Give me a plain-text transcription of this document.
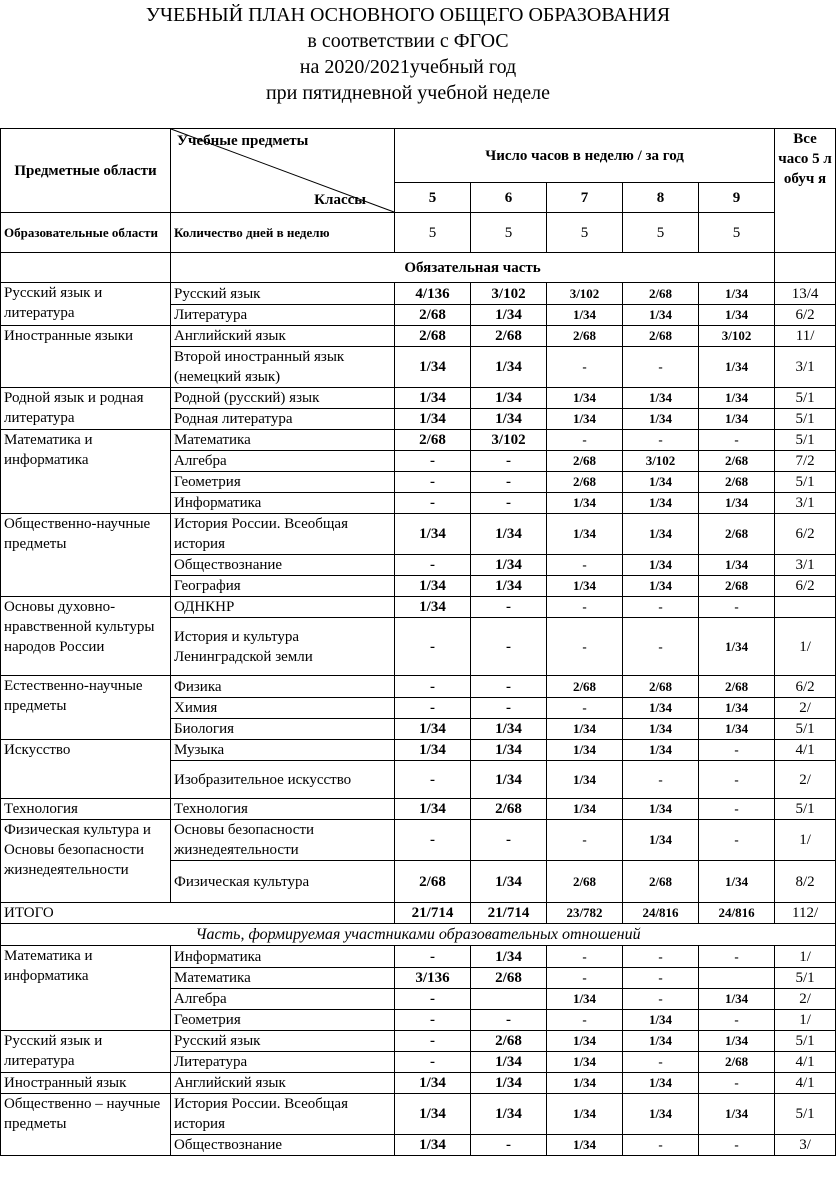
УЧЕБНЫЙ ПЛАН ОСНОВНОГО ОБЩЕГО ОБРАЗОВАНИЯ
в соответствии с ФГОС
на 2020/2021учебный год
при пятидневной учебной неделе
Предметные области	Учебные предметы
Классы	Число часов в неделю / за год					Все часо 5 л обуч я
		5	6	7	8	9	
Образовательные области	Количество дней в неделю	5	5	5	5	5	
	Обязательная часть						
Русский язык и литература	Русский язык	4/136	3/102	3/102	2/68	1/34	13/4
	Литература	2/68	1/34	1/34	1/34	1/34	6/2
Иностранные языки	Английский язык	2/68	2/68	2/68	2/68	3/102	11/
	Второй иностранный язык (немецкий язык)	1/34	1/34	-	-	1/34	3/1
Родной язык и родная литература	Родной (русский) язык	1/34	1/34	1/34	1/34	1/34	5/1
	Родная литература	1/34	1/34	1/34	1/34	1/34	5/1
Математика и информатика	Математика	2/68	3/102	-	-	-	5/1
	Алгебра	-	-	2/68	3/102	2/68	7/2
	Геометрия	-	-	2/68	1/34	2/68	5/1
	Информатика	-	-	1/34	1/34	1/34	3/1
Общественно-научные предметы	История России. Всеобщая история	1/34	1/34	1/34	1/34	2/68	6/2
	Обществознание	-	1/34	-	1/34	1/34	3/1
	География	1/34	1/34	1/34	1/34	2/68	6/2
Основы духовно-нравственной культуры народов России	ОДНКНР	1/34	-	-	-	-	
	История и культура Ленинградской земли	-	-	-	-	1/34	1/
Естественно-научные предметы	Физика	-	-	2/68	2/68	2/68	6/2
	Химия	-	-	-	1/34	1/34	2/
	Биология	1/34	1/34	1/34	1/34	1/34	5/1
Искусство	Музыка	1/34	1/34	1/34	1/34	-	4/1
	Изобразительное искусство	-	1/34	1/34	-	-	2/
Технология	Технология	1/34	2/68	1/34	1/34	-	5/1
Физическая культура и Основы безопасности жизнедеятельности	Основы безопасности жизнедеятельности	-	-	-	1/34	-	1/
	Физическая культура	2/68	1/34	2/68	2/68	1/34	8/2
ИТОГО		21/714	21/714	23/782	24/816	24/816	112/
Часть, формируемая участниками образовательных отношений							
Математика и информатика	Информатика	-	1/34	-	-	-	1/
	Математика	3/136	2/68	-	-		5/1
	Алгебра	-		1/34	-	1/34	2/
	Геометрия	-	-	-	1/34	-	1/
Русский язык и литература	Русский язык	-	2/68	1/34	1/34	1/34	5/1
	Литература	-	1/34	1/34	-	2/68	4/1
Иностранный язык	Английский язык	1/34	1/34	1/34	1/34	-	4/1
Общественно – научные предметы	История России. Всеобщая история	1/34	1/34	1/34	1/34	1/34	5/1
	Обществознание	1/34	-	1/34	-	-	3/
